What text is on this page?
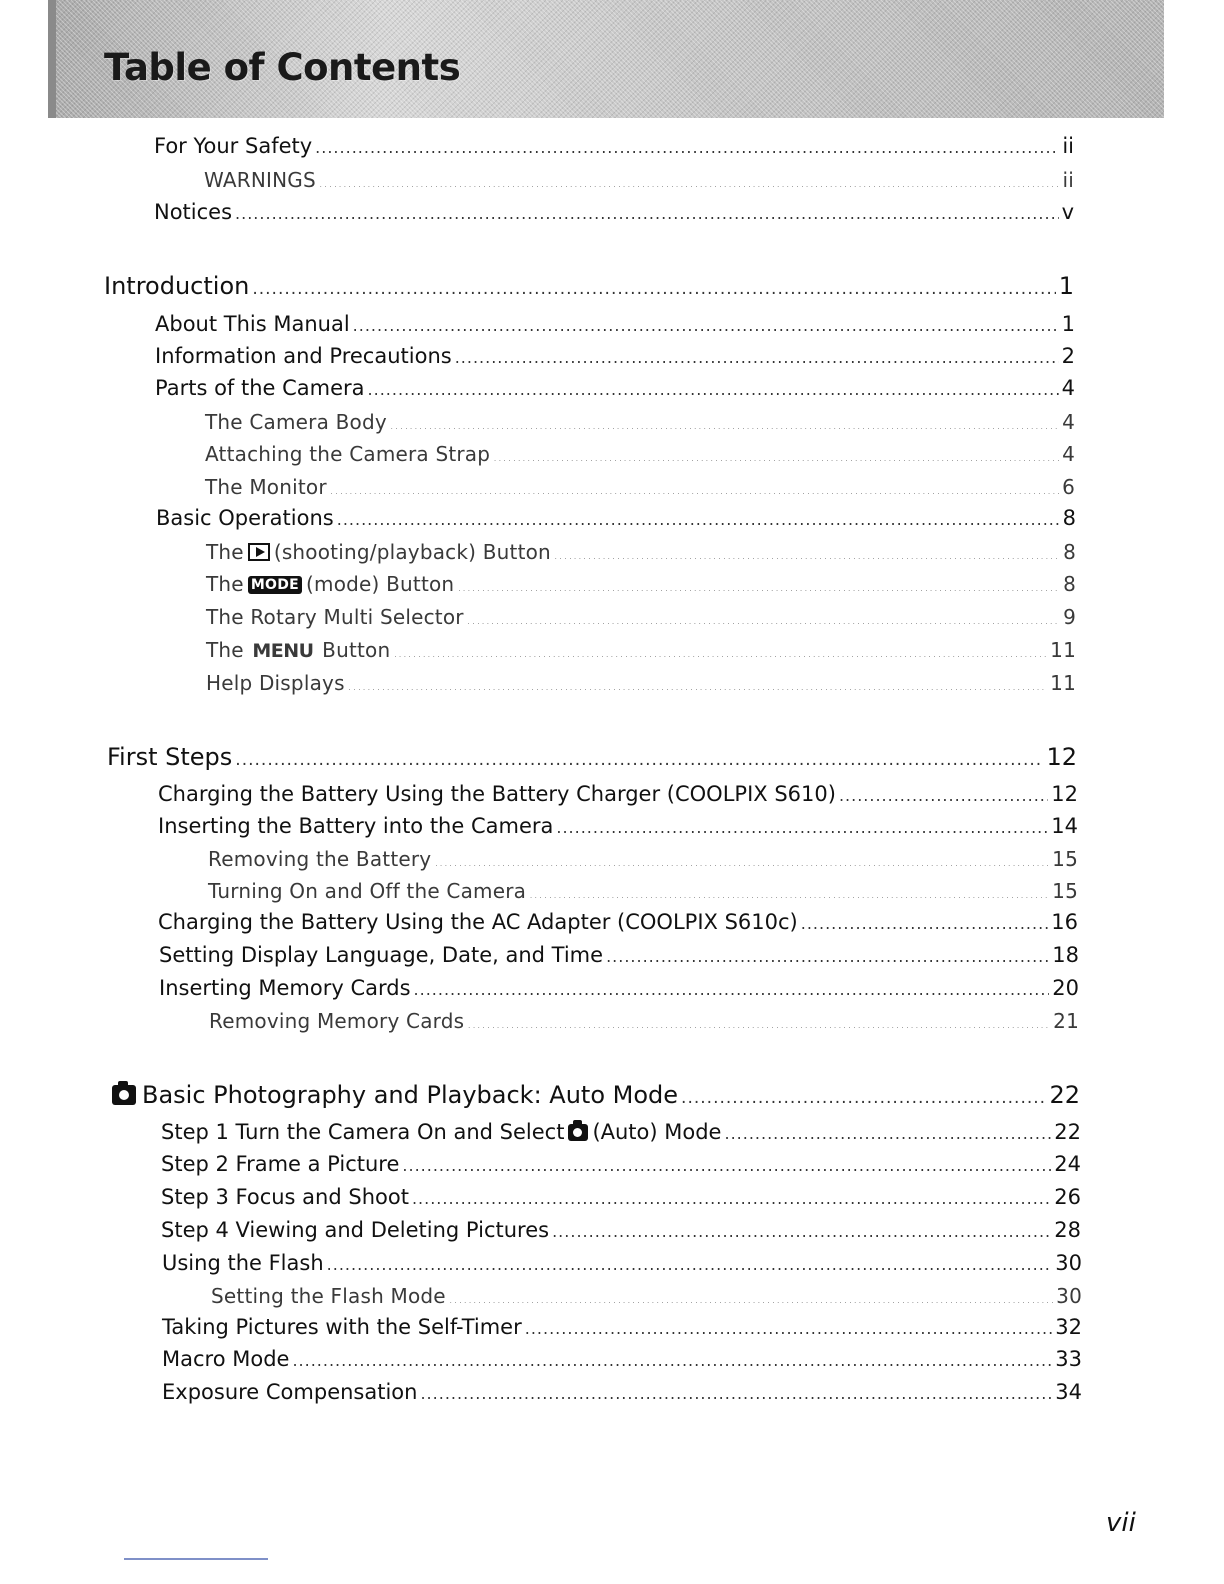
Table of Contents
For Your Safety .....	ii
WARNINGS .....	ii
Notices .....	v
Introduction .....	1
About This Manual .....	1
Information and Precautions .....	2
Parts of the Camera .....	4
The Camera Body .....	4
Attaching the Camera Strap .....	4
The Monitor .....	6
Basic Operations .....	8
The (shooting/playback) Button .....	8
The MODE (mode) Button .....	8
The Rotary Multi Selector .....	9
The MENU Button .....	11
Help Displays .....	11
First Steps .....	12
Charging the Battery Using the Battery Charger (COOLPIX S610) .....	12
Inserting the Battery into the Camera .....	14
Removing the Battery .....	15
Turning On and Off the Camera .....	15
Charging the Battery Using the AC Adapter (COOLPIX S610c) .....	16
Setting Display Language, Date, and Time .....	18
Inserting Memory Cards .....	20
Removing Memory Cards .....	21
Basic Photography and Playback: Auto Mode .....	22
Step 1 Turn the Camera On and Select (Auto) Mode .....	22
Step 2 Frame a Picture .....	24
Step 3 Focus and Shoot .....	26
Step 4 Viewing and Deleting Pictures .....	28
Using the Flash .....	30
Setting the Flash Mode .....	30
Taking Pictures with the Self-Timer .....	32
Macro Mode .....	33
Exposure Compensation .....	34
vii
